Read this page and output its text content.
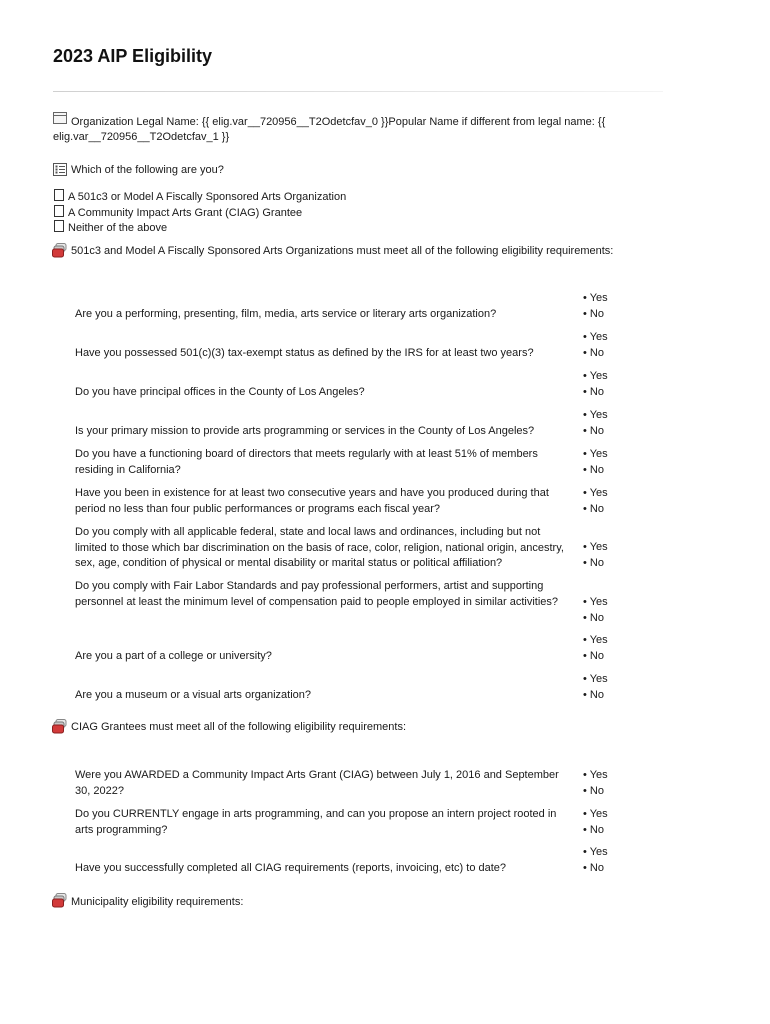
2023 AIP Eligibility
Organization Legal Name: {{ elig.var__720956__T2Odetcfav_0 }}Popular Name if different from legal name: {{ elig.var__720956__T2Odetcfav_1 }}
Which of the following are you?
A 501c3 or Model A Fiscally Sponsored Arts Organization
A Community Impact Arts Grant (CIAG) Grantee
Neither of the above
501c3 and Model A Fiscally Sponsored Arts Organizations must meet all of the following eligibility requirements:
Are you a performing, presenting, film, media, arts service or literary arts organization?
• Yes
• No
Have you possessed 501(c)(3) tax-exempt status as defined by the IRS for at least two years?
• Yes
• No
Do you have principal offices in the County of Los Angeles?
• Yes
• No
Is your primary mission to provide arts programming or services in the County of Los Angeles?
• Yes
• No
Do you have a functioning board of directors that meets regularly with at least 51% of members residing in California?
• Yes
• No
Have you been in existence for at least two consecutive years and have you produced during that period no less than four public performances or programs each fiscal year?
• Yes
• No
Do you comply with all applicable federal, state and local laws and ordinances, including but not limited to those which bar discrimination on the basis of race, color, religion, national origin, ancestry, sex, age, condition of physical or mental disability or marital status or political affiliation?
• Yes
• No
Do you comply with Fair Labor Standards and pay professional performers, artist and supporting personnel at least the minimum level of compensation paid to people employed in similar activities?	• Yes
• No
Are you a part of a college or university?
• Yes
• No
Are you a museum or a visual arts organization?
• Yes
• No
CIAG Grantees must meet all of the following eligibility requirements:
Were you AWARDED a Community Impact Arts Grant (CIAG) between July 1, 2016 and September 30, 2022?
• Yes
• No
Do you CURRENTLY engage in arts programming, and can you propose an intern project rooted in arts programming?
• Yes
• No
Have you successfully completed all CIAG requirements (reports, invoicing, etc) to date?
• Yes
• No
Municipality eligibility requirements:
